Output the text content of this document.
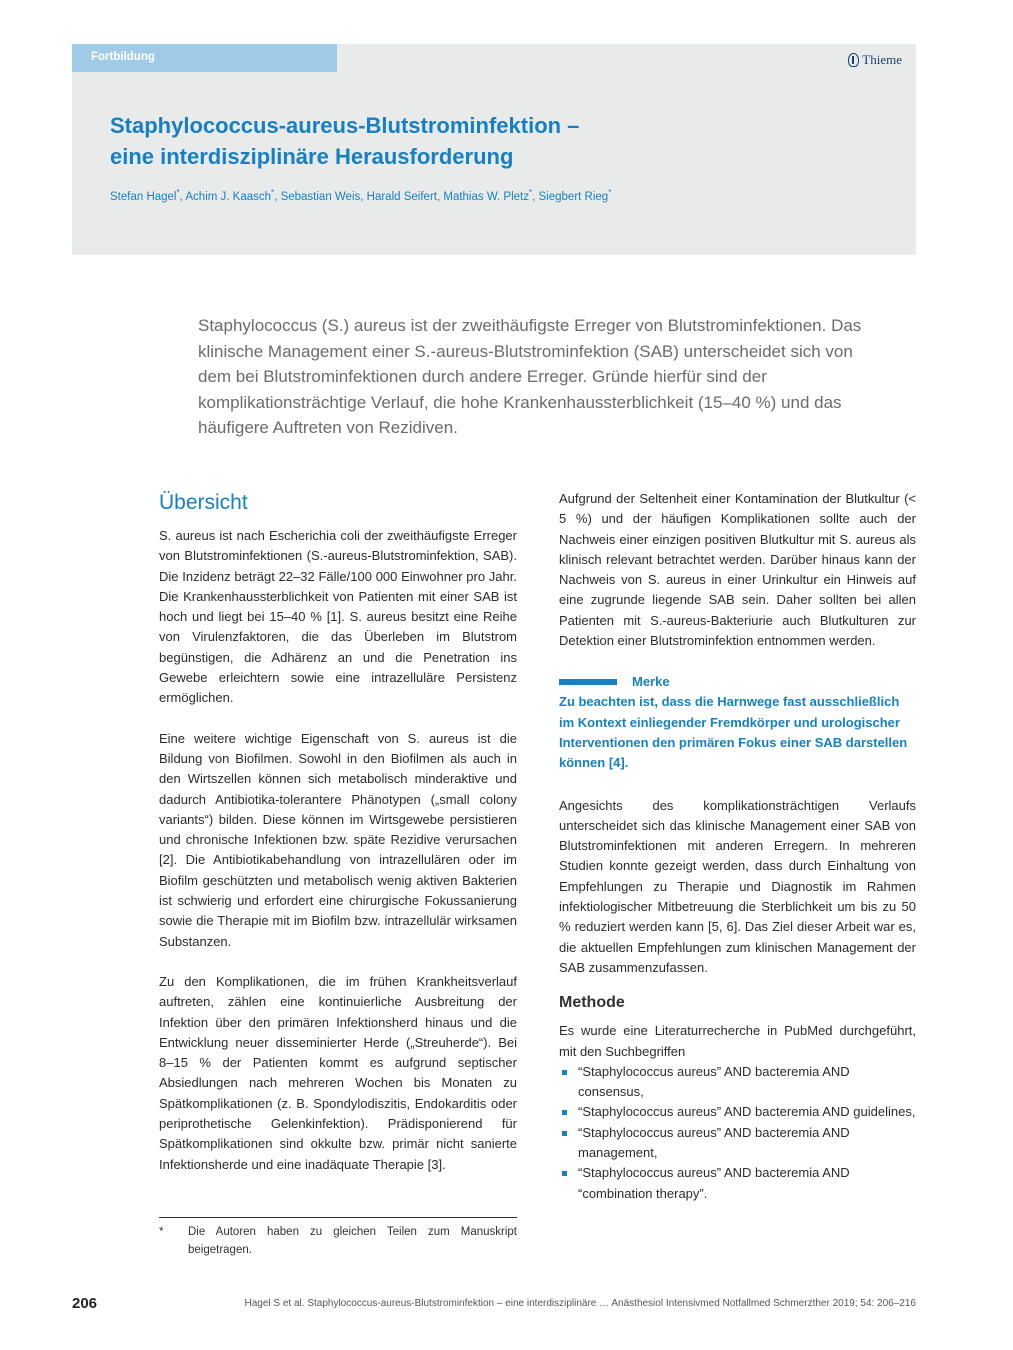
Fortbildung	Thieme
Staphylococcus-aureus-Blutstrominfektion –
eine interdisziplinäre Herausforderung
Stefan Hagel*, Achim J. Kaasch*, Sebastian Weis, Harald Seifert, Mathias W. Pletz*, Siegbert Rieg*

Staphylococcus (S.) aureus ist der zweithäufigste Erreger von Blutstrominfektionen. Das klinische Management einer S.-aureus-Blutstrominfektion (SAB) unterscheidet sich von dem bei Blutstrominfektionen durch andere Erreger. Gründe hierfür sind der komplikationsträchtige Verlauf, die hohe Krankenhaussterblichkeit (15–40 %) und das häufigere Auftreten von Rezidiven.

Übersicht

S. aureus ist nach Escherichia coli der zweithäufigste Erreger von Blutstrominfektionen (S.-aureus-Blutstrominfektion, SAB). Die Inzidenz beträgt 22–32 Fälle/100 000 Einwohner pro Jahr. Die Krankenhaussterblichkeit von Patienten mit einer SAB ist hoch und liegt bei 15–40 % [1]. S. aureus besitzt eine Reihe von Virulenzfaktoren, die das Überleben im Blutstrom begünstigen, die Adhärenz an und die Penetration ins Gewebe erleichtern sowie eine intrazelluläre Persistenz ermöglichen.

Eine weitere wichtige Eigenschaft von S. aureus ist die Bildung von Biofilmen. Sowohl in den Biofilmen als auch in den Wirtszellen können sich metabolisch minderaktive und dadurch Antibiotika-tolerantere Phänotypen („small colony variants“) bilden. Diese können im Wirtsgewebe persistieren und chronische Infektionen bzw. späte Rezidive verursachen [2]. Die Antibiotikabehandlung von intrazellulären oder im Biofilm geschützten und metabolisch wenig aktiven Bakterien ist schwierig und erfordert eine chirurgische Fokussanierung sowie die Therapie mit im Biofilm bzw. intrazellulär wirksamen Substanzen.

Zu den Komplikationen, die im frühen Krankheitsverlauf auftreten, zählen eine kontinuierliche Ausbreitung der Infektion über den primären Infektionsherd hinaus und die Entwicklung neuer disseminierter Herde („Streuherde“). Bei 8–15 % der Patienten kommt es aufgrund septischer Absiedlungen nach mehreren Wochen bis Monaten zu Spätkomplikationen (z. B. Spondylodiszitis, Endokarditis oder periprothetische Gelenkinfektion). Prädisponierend für Spätkomplikationen sind okkulte bzw. primär nicht sanierte Infektionsherde und eine inadäquate Therapie [3].

Aufgrund der Seltenheit einer Kontamination der Blutkultur (< 5 %) und der häufigen Komplikationen sollte auch der Nachweis einer einzigen positiven Blutkultur mit S. aureus als klinisch relevant betrachtet werden. Darüber hinaus kann der Nachweis von S. aureus in einer Urinkultur ein Hinweis auf eine zugrunde liegende SAB sein. Daher sollten bei allen Patienten mit S.-aureus-Bakteriurie auch Blutkulturen zur Detektion einer Blutstrominfektion entnommen werden.

Merke
Zu beachten ist, dass die Harnwege fast ausschließlich im Kontext einliegender Fremdkörper und urologischer Interventionen den primären Fokus einer SAB darstellen können [4].

Angesichts des komplikationsträchtigen Verlaufs unterscheidet sich das klinische Management einer SAB von Blutstrominfektionen mit anderen Erregern. In mehreren Studien konnte gezeigt werden, dass durch Einhaltung von Empfehlungen zu Therapie und Diagnostik im Rahmen infektiologischer Mitbetreuung die Sterblichkeit um bis zu 50 % reduziert werden kann [5, 6]. Das Ziel dieser Arbeit war es, die aktuellen Empfehlungen zum klinischen Management der SAB zusammenzufassen.

Methode

Es wurde eine Literaturrecherche in PubMed durchgeführt, mit den Suchbegriffen

“Staphylococcus aureus” AND bacteremia AND consensus,
“Staphylococcus aureus” AND bacteremia AND guidelines,
“Staphylococcus aureus” AND bacteremia AND management,
“Staphylococcus aureus” AND bacteremia AND “combination therapy”.
*	Die Autoren haben zu gleichen Teilen zum Manuskript beigetragen.
206	Hagel S et al. Staphylococcus-aureus-Blutstrominfektion – eine interdisziplinäre … Anästhesiol Intensivmed Notfallmed Schmerzther 2019; 54: 206–216
